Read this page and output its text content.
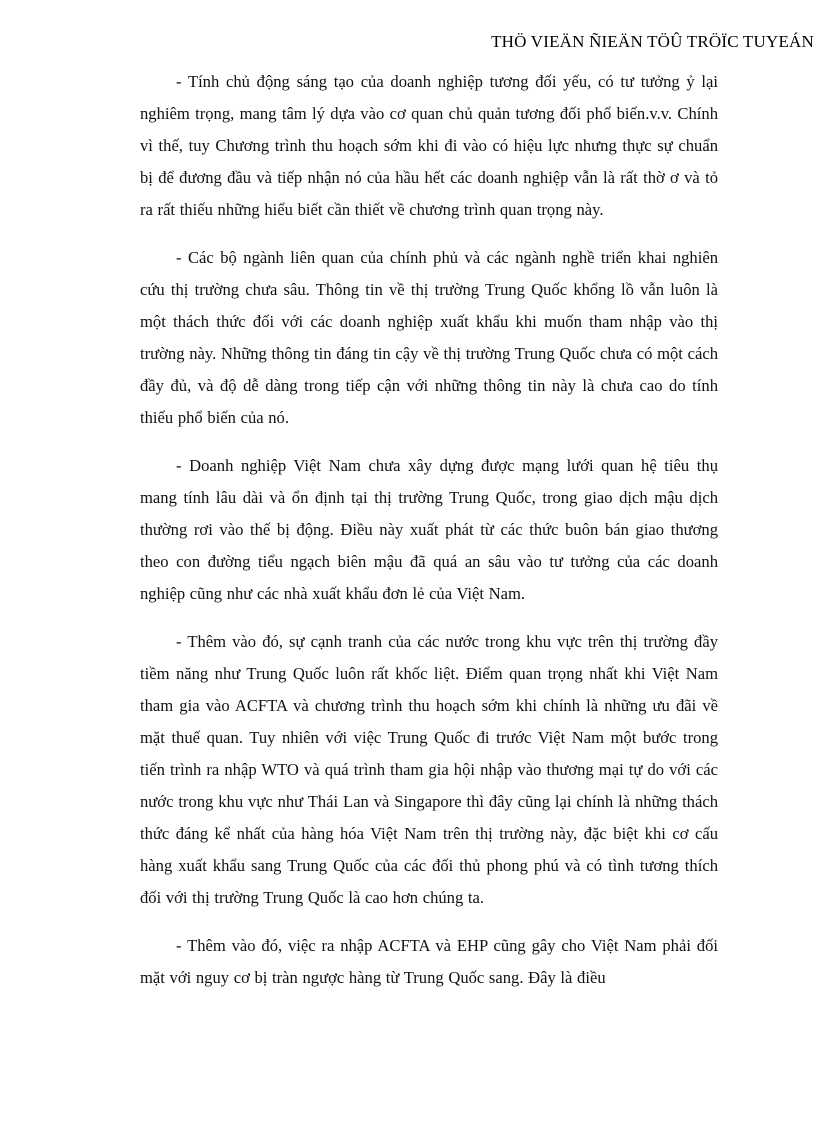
THÖ VIEÄN ÑIEÄN TÖÛ TRÖÏC TUYEÁN

- Tính chủ động sáng tạo của doanh nghiệp tương đối yếu, có tư tưởng ỷ lại nghiêm trọng, mang tâm lý dựa vào cơ quan chủ quản tương đối phổ biến.v.v. Chính vì thế, tuy Chương trình thu hoạch sớm khi đi vào có hiệu lực nhưng thực sự chuẩn bị để đương đầu và tiếp nhận nó của hầu hết các doanh nghiệp vẫn là rất thờ ơ và tỏ ra rất thiếu những hiểu biết cần thiết về chương trình quan trọng này.

- Các bộ ngành liên quan của chính phủ và các ngành nghề triển khai nghiên cứu thị trường chưa sâu. Thông tin về thị trường Trung Quốc khổng lồ vẫn luôn là một thách thức đối với các doanh nghiệp xuất khẩu khi muốn tham nhập vào thị trường này. Những thông tin đáng tin cậy về thị trường Trung Quốc chưa có một cách đầy đủ, và độ dễ dàng trong tiếp cận với những thông tin này là chưa cao do tính thiếu phổ biến của nó.

- Doanh nghiệp Việt Nam chưa xây dựng được mạng lưới quan hệ tiêu thụ mang tính lâu dài và ổn định tại thị trường Trung Quốc, trong giao dịch mậu dịch thường rơi vào thế bị động. Điều này xuất phát từ các thức buôn bán giao thương theo con đường tiểu ngạch biên mậu đã quá an sâu vào tư tưởng của các doanh nghiệp cũng như các nhà xuất khẩu đơn lẻ của Việt Nam.

- Thêm vào đó, sự cạnh tranh của các nước trong khu vực trên thị trường đầy tiềm năng như Trung Quốc luôn rất khốc liệt. Điểm quan trọng nhất khi Việt Nam tham gia vào ACFTA và chương trình thu hoạch sớm khi chính là những ưu đãi về mặt thuế quan. Tuy nhiên với việc Trung Quốc đi trước Việt Nam một bước trong tiến trình ra nhập WTO và quá trình tham gia hội nhập vào thương mại tự do với các nước trong khu vực như Thái Lan và Singapore thì đây cũng lại chính là những thách thức đáng kể nhất của hàng hóa Việt Nam trên thị trường này, đặc biệt khi cơ cấu hàng xuất khẩu sang Trung Quốc của các đối thủ phong phú và có tình tương thích đối với thị trường Trung Quốc là cao hơn chúng ta.

- Thêm vào đó, việc ra nhập ACFTA và EHP cũng gây cho Việt Nam phải đối mặt với nguy cơ bị tràn ngược hàng từ Trung Quốc sang. Đây là điều
